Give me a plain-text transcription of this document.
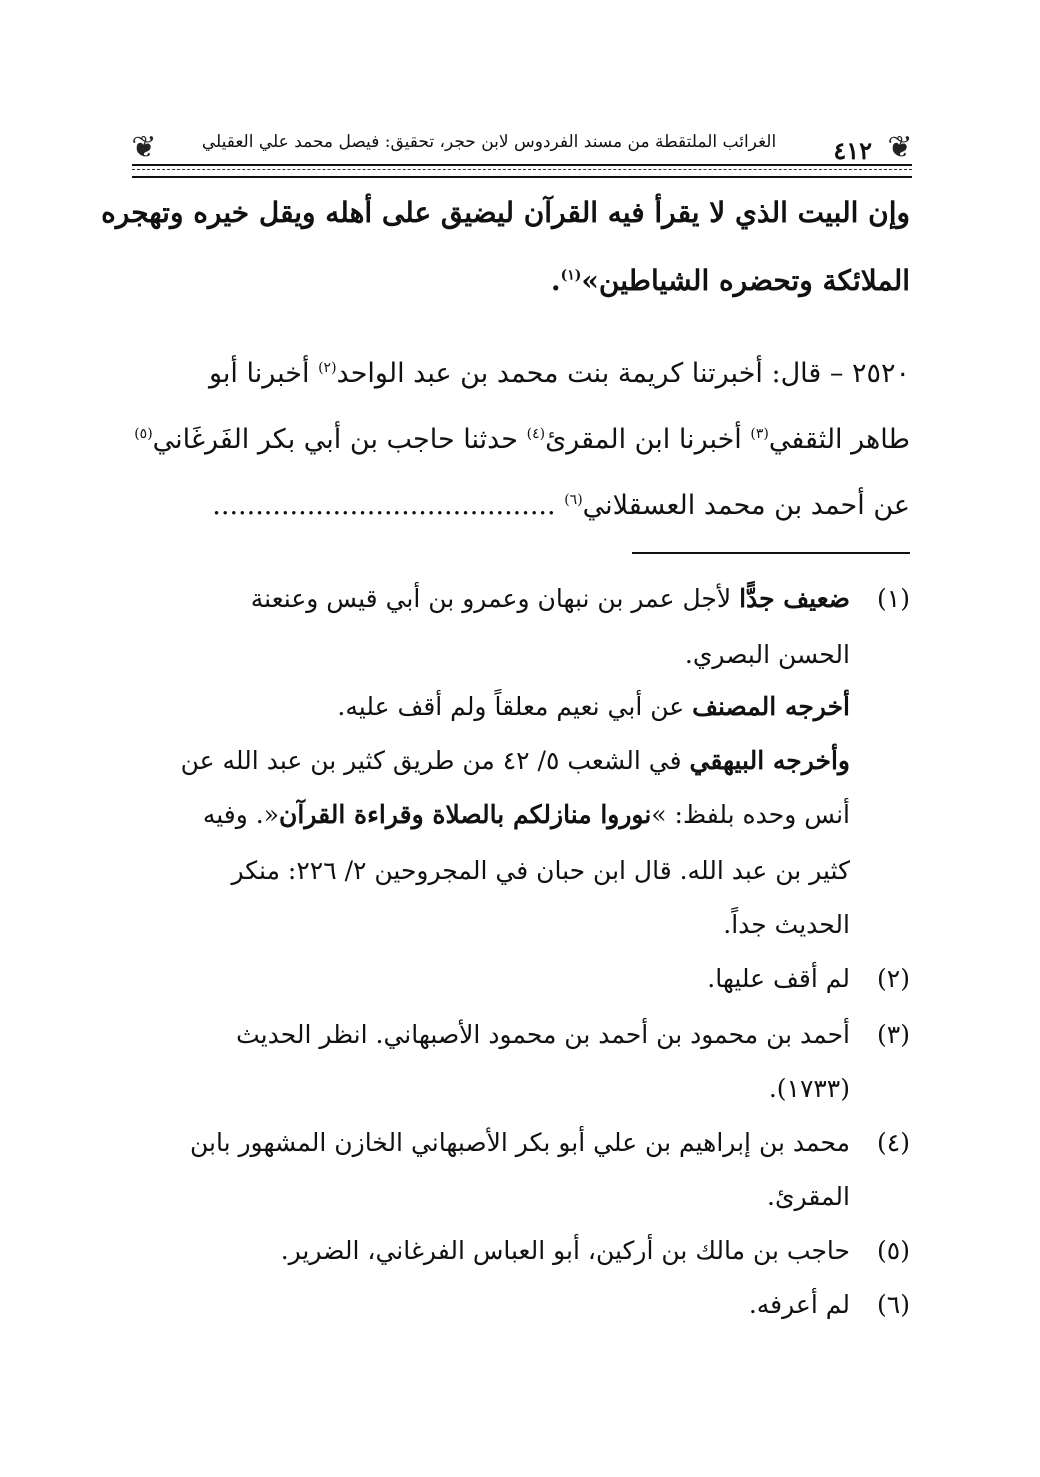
❦
٤١٢
الغرائب الملتقطة من مسند الفردوس لابن حجر، تحقيق: فيصل محمد علي العقيلي
❦
وإن البيت الذي لا يقرأ فيه القرآن ليضيق على أهله ويقل خيره وتهجره
الملائكة وتحضره الشياطين»$^{(١)}$.
٢٥٢٠ – قال: أخبرتنا كريمة بنت محمد بن عبد الواحد$^{(٢)}$ أخبرنا أبو
طاهر الثقفي$^{(٣)}$ أخبرنا ابن المقرئ$^{(٤)}$ حدثنا حاجب بن أبي بكر الفَرغَاني$^{(٥)}$
عن أحمد بن محمد العسقلاني$^{(٦)}$ ........................................
(١)ضعيف جدًّا لأجل عمر بن نبهان وعمرو بن أبي قيس وعنعنة
الحسن البصري.
أخرجه المصنف عن أبي نعيم معلقاً ولم أقف عليه.
وأخرجه البيهقي في الشعب ٥/ ٤٢ من طريق كثير بن عبد الله عن
أنس وحده بلفظ: »نوروا منازلكم بالصلاة وقراءة القرآن«. وفيه
كثير بن عبد الله. قال ابن حبان في المجروحين ٢/ ٢٢٦: منكر
الحديث جداً.
(٢)لم أقف عليها.
(٣)أحمد بن محمود بن أحمد بن محمود الأصبهاني. انظر الحديث
(١٧٣٣).
(٤)محمد بن إبراهيم بن علي أبو بكر الأصبهاني الخازن المشهور بابن
المقرئ.
(٥)حاجب بن مالك بن أركين، أبو العباس الفرغاني، الضرير.
(٦)لم أعرفه.
